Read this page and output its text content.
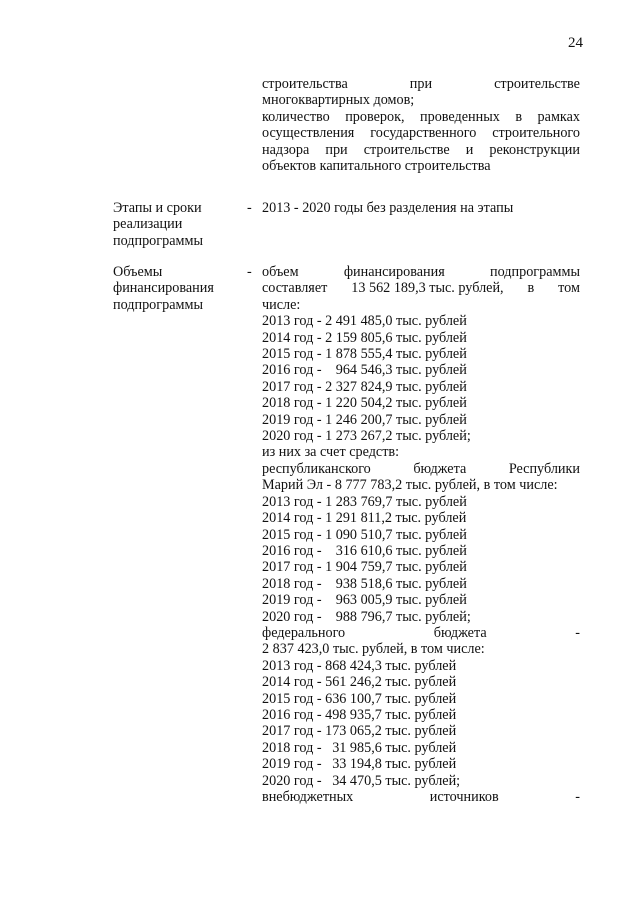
24
строительства	при	строительстве
многоквартирных домов;
количество проверок, проведенных в рамках
осуществления государственного строительного
надзора при строительстве и реконструкции
объектов капитального строительства
Этапы и сроки
реализации
подпрограммы
- 2013 - 2020 годы без разделения на этапы
Объемы
финансирования
подпрограммы
- объем	финансирования	подпрограммы
составляет 13 562 189,3 тыс. рублей, в том
числе:
2013 год - 2 491 485,0 тыс. рублей
2014 год - 2 159 805,6 тыс. рублей
2015 год - 1 878 555,4 тыс. рублей
2016 год -    964 546,3 тыс. рублей
2017 год - 2 327 824,9 тыс. рублей
2018 год - 1 220 504,2 тыс. рублей
2019 год - 1 246 200,7 тыс. рублей
2020 год - 1 273 267,2 тыс. рублей;
из них за счет средств:
республиканского	бюджета	Республики
Марий Эл - 8 777 783,2 тыс. рублей, в том числе:
2013 год - 1 283 769,7 тыс. рублей
2014 год - 1 291 811,2 тыс. рублей
2015 год - 1 090 510,7 тыс. рублей
2016 год -    316 610,6 тыс. рублей
2017 год - 1 904 759,7 тыс. рублей
2018 год -    938 518,6 тыс. рублей
2019 год -    963 005,9 тыс. рублей
2020 год -    988 796,7 тыс. рублей;
федерального	бюджета	-
2 837 423,0 тыс. рублей, в том числе:
2013 год - 868 424,3 тыс. рублей
2014 год - 561 246,2 тыс. рублей
2015 год - 636 100,7 тыс. рублей
2016 год - 498 935,7 тыс. рублей
2017 год - 173 065,2 тыс. рублей
2018 год -   31 985,6 тыс. рублей
2019 год -   33 194,8 тыс. рублей
2020 год -   34 470,5 тыс. рублей;
внебюджетных	источников	-
